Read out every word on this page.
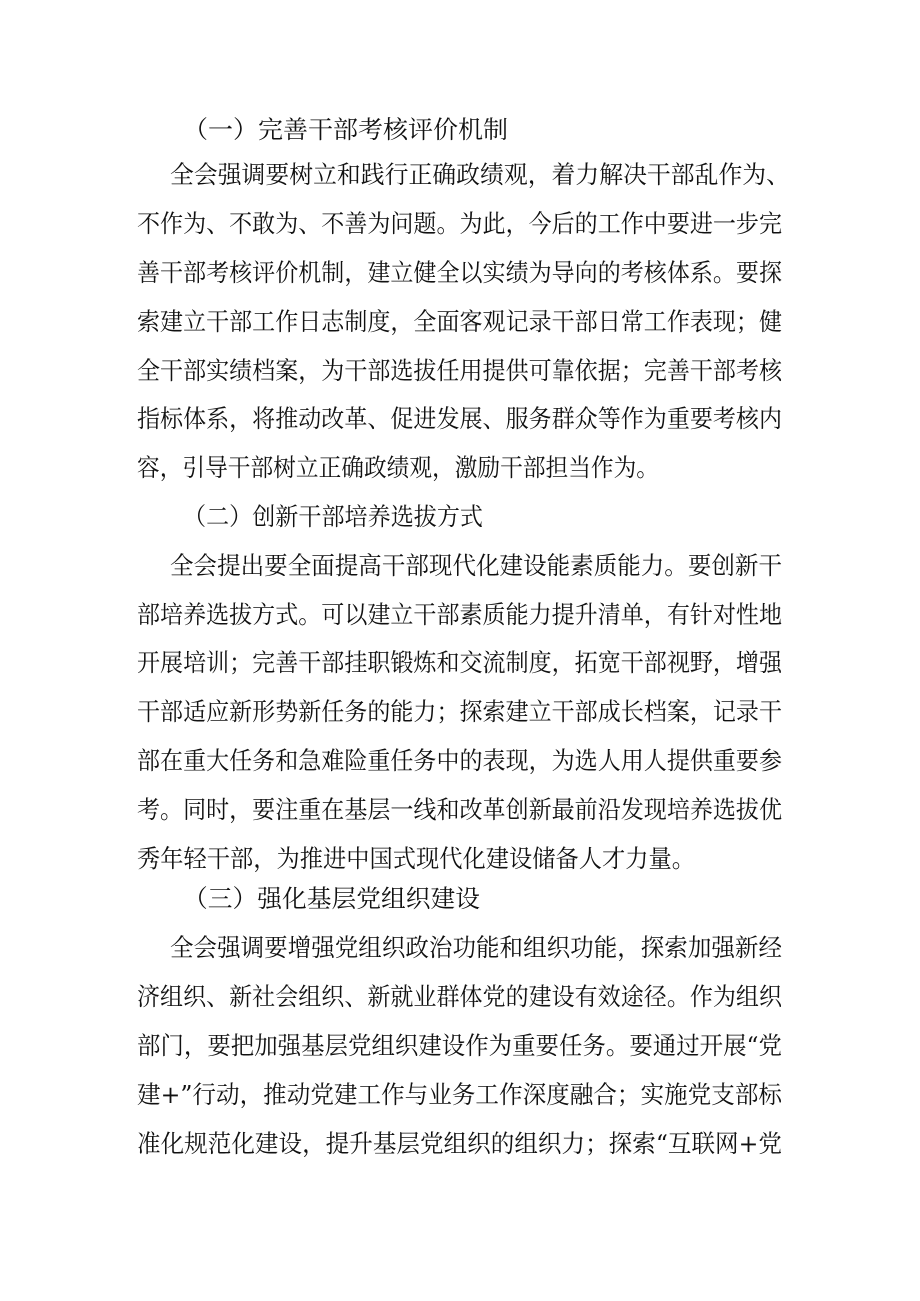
（一）完善干部考核评价机制
全会强调要树立和践行正确政绩观，着力解决干部乱作为、
不作为、不敢为、不善为问题。为此，今后的工作中要进一步完
善干部考核评价机制，建立健全以实绩为导向的考核体系。要探
索建立干部工作日志制度，全面客观记录干部日常工作表现；健
全干部实绩档案，为干部选拔任用提供可靠依据；完善干部考核
指标体系，将推动改革、促进发展、服务群众等作为重要考核内
容，引导干部树立正确政绩观，激励干部担当作为。
（二）创新干部培养选拔方式
全会提出要全面提高干部现代化建设能素质能力。要创新干
部培养选拔方式。可以建立干部素质能力提升清单，有针对性地
开展培训；完善干部挂职锻炼和交流制度，拓宽干部视野，增强
干部适应新形势新任务的能力；探索建立干部成长档案，记录干
部在重大任务和急难险重任务中的表现，为选人用人提供重要参
考。同时，要注重在基层一线和改革创新最前沿发现培养选拔优
秀年轻干部，为推进中国式现代化建设储备人才力量。
（三）强化基层党组织建设
全会强调要增强党组织政治功能和组织功能，探索加强新经
济组织、新社会组织、新就业群体党的建设有效途径。作为组织
部门，要把加强基层党组织建设作为重要任务。要通过开展“党
建+”行动，推动党建工作与业务工作深度融合；实施党支部标
准化规范化建设，提升基层党组织的组织力；探索“互联网+党
